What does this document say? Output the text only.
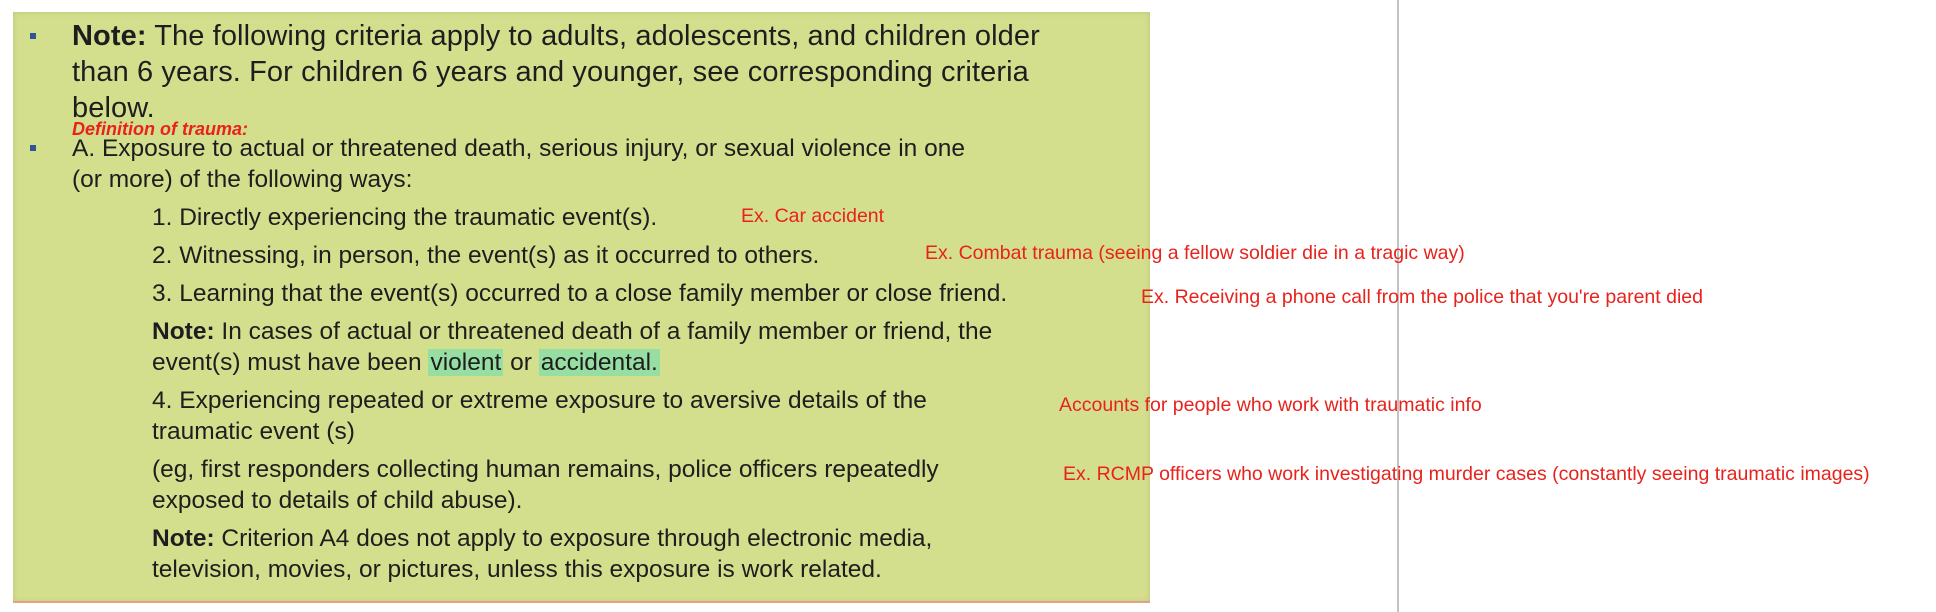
Note: The following criteria apply to adults, adolescents, and children older
than 6 years. For children 6 years and younger, see corresponding criteria
below.
Definition of trauma:
A. Exposure to actual or threatened death, serious injury, or sexual violence in one
(or more) of the following ways:
1. Directly experiencing the traumatic event(s).	Ex. Car accident
2. Witnessing, in person, the event(s) as it occurred to others.	Ex. Combat trauma (seeing a fellow soldier die in a tragic way)
3. Learning that the event(s) occurred to a close family member or close friend.	Ex. Receiving a phone call from the police that you're parent died
Note: In cases of actual or threatened death of a family member or friend, the
event(s) must have been violent or accidental.
4. Experiencing repeated or extreme exposure to aversive details of the
traumatic event (s)
Accounts for people who work with traumatic info
(eg, first responders collecting human remains, police officers repeatedly
exposed to details of child abuse).
Ex. RCMP officers who work investigating murder cases (constantly seeing traumatic images)
Note: Criterion A4 does not apply to exposure through electronic media,
television, movies, or pictures, unless this exposure is work related.
